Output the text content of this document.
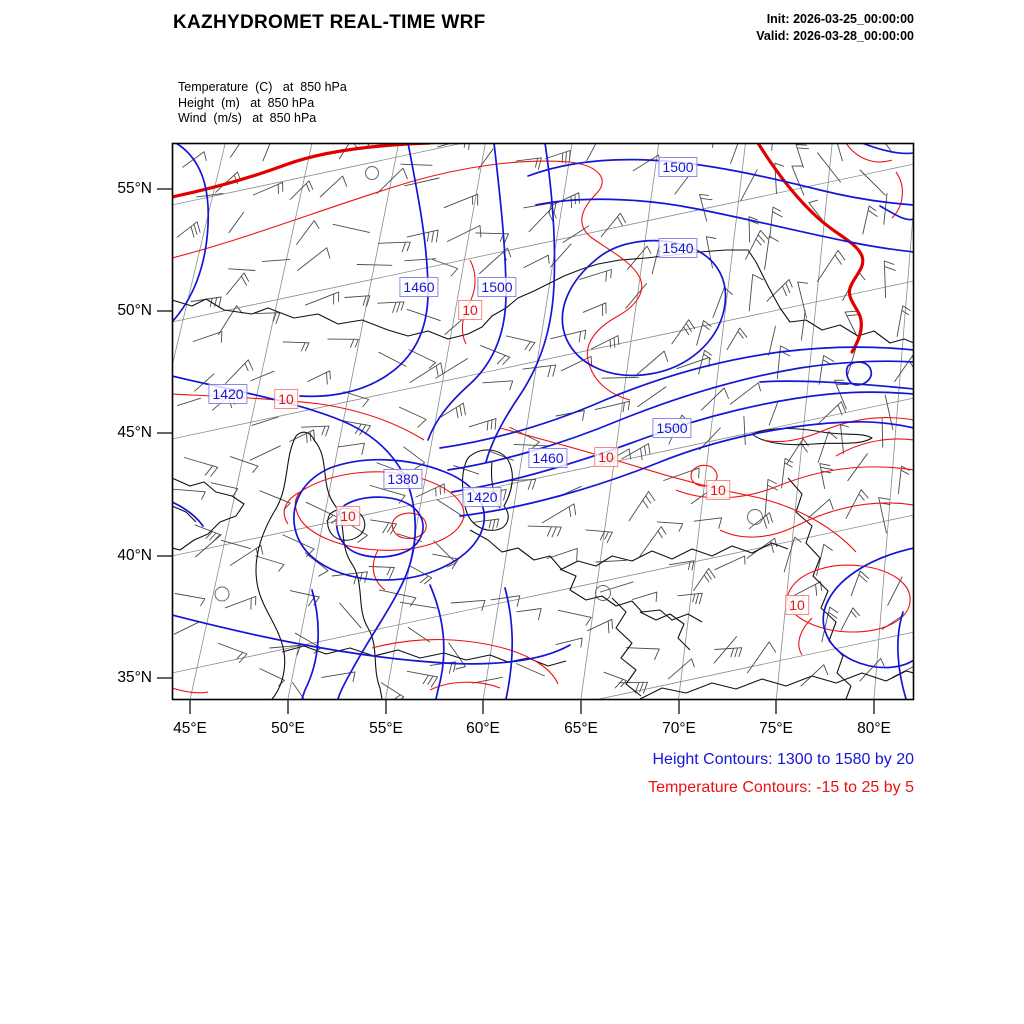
KAZHYDROMET REAL-TIME WRF	Init: 2026-03-25_00:00:00
Valid: 2026-03-28_00:00:00
Temperature  (C)   at  850 hPa
Height  (m)   at  850 hPa
Wind  (m/s)   at  850 hPa
55°N
50°N
45°N
40°N
35°N
45°E	50°E	55°E	60°E	65°E	70°E	75°E	80°E
1500
1540
1460	1500
1420
1500
1460
1380
1420
10
10
10
10
10
10
Height Contours: 1300 to 1580 by 20
Temperature Contours: -15 to 25 by 5
